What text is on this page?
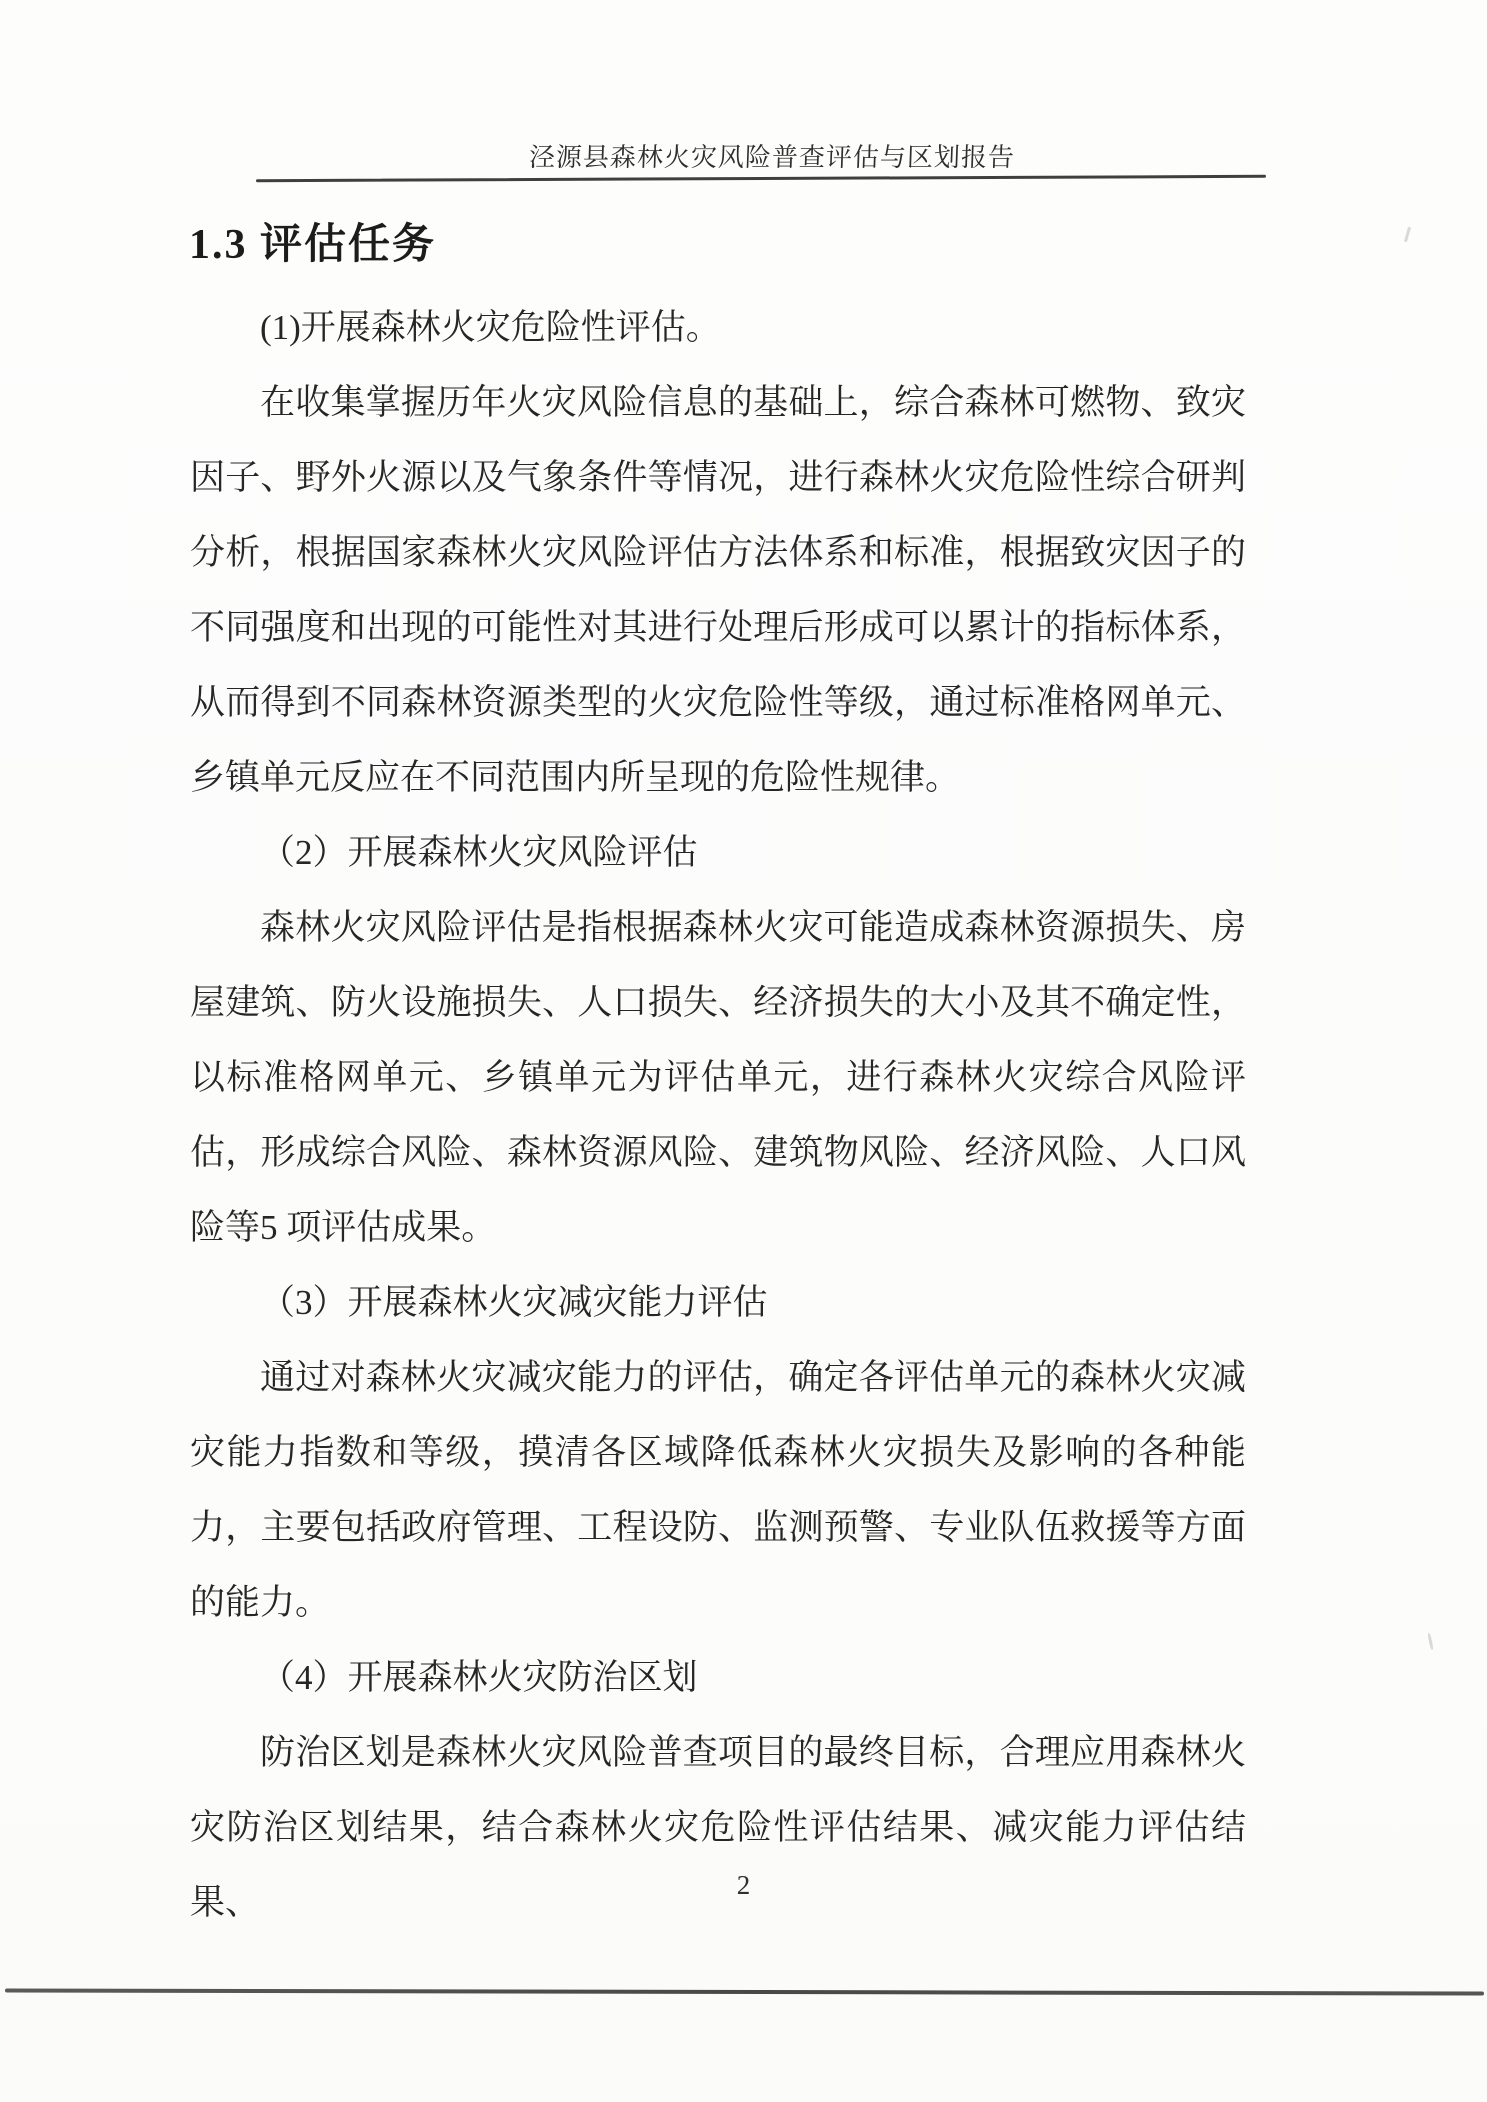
泾源县森林火灾风险普查评估与区划报告
1.3 评估任务

(1)开展森林火灾危险性评估。

在收集掌握历年火灾风险信息的基础上，综合森林可燃物、致灾因子、野外火源以及气象条件等情况，进行森林火灾危险性综合研判分析，根据国家森林火灾风险评估方法体系和标准，根据致灾因子的不同强度和出现的可能性对其进行处理后形成可以累计的指标体系，从而得到不同森林资源类型的火灾危险性等级，通过标准格网单元、乡镇单元反应在不同范围内所呈现的危险性规律。

（2）开展森林火灾风险评估

森林火灾风险评估是指根据森林火灾可能造成森林资源损失、房屋建筑、防火设施损失、人口损失、经济损失的大小及其不确定性，以标准格网单元、乡镇单元为评估单元，进行森林火灾综合风险评估，形成综合风险、森林资源风险、建筑物风险、经济风险、人口风险等5 项评估成果。

（3）开展森林火灾减灾能力评估

通过对森林火灾减灾能力的评估，确定各评估单元的森林火灾减灾能力指数和等级，摸清各区域降低森林火灾损失及影响的各种能力，主要包括政府管理、工程设防、监测预警、专业队伍救援等方面的能力。

（4）开展森林火灾防治区划

防治区划是森林火灾风险普查项目的最终目标，合理应用森林火灾防治区划结果，结合森林火灾危险性评估结果、减灾能力评估结果、	2
